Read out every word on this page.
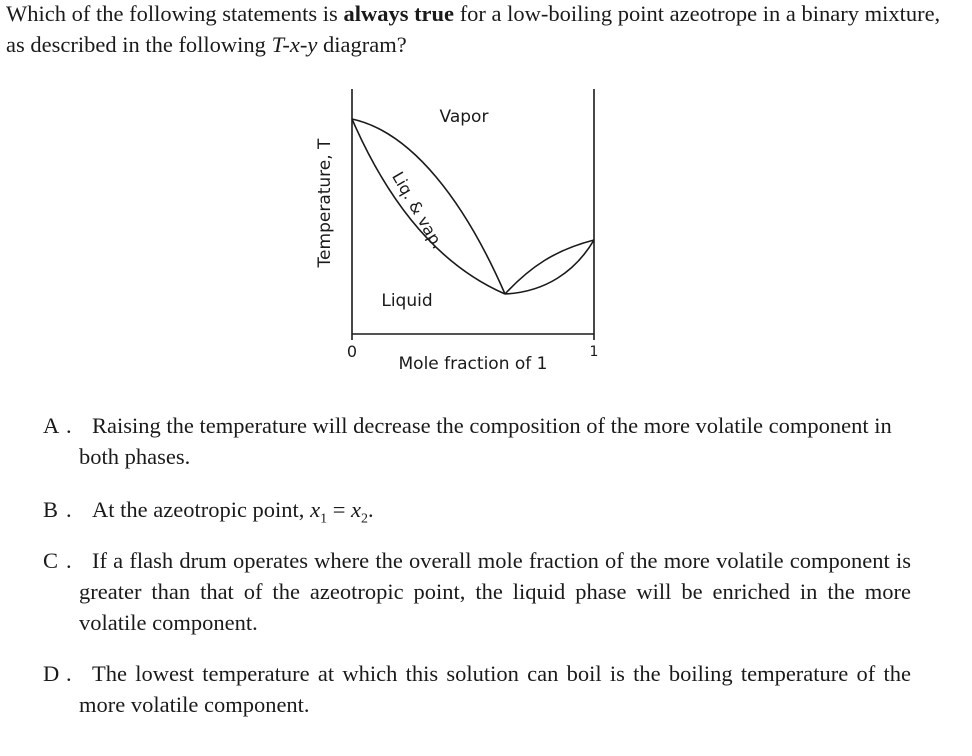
Which of the following statements is always true for a low-boiling point azeotrope in a binary mixture, as described in the following T-x-y diagram?

Temperature, T
0	1
Mole fraction of 1
Vapor
Liq. & vap.
Liquid
A . Raising the temperature will decrease the composition of the more volatile component in both phases.
B . At the azeotropic point, $x_1 = x_2$.
C . If a flash drum operates where the overall mole fraction of the more volatile component is greater than that of the azeotropic point, the liquid phase will be enriched in the more volatile component.
D . The lowest temperature at which this solution can boil is the boiling temperature of the more volatile component.
